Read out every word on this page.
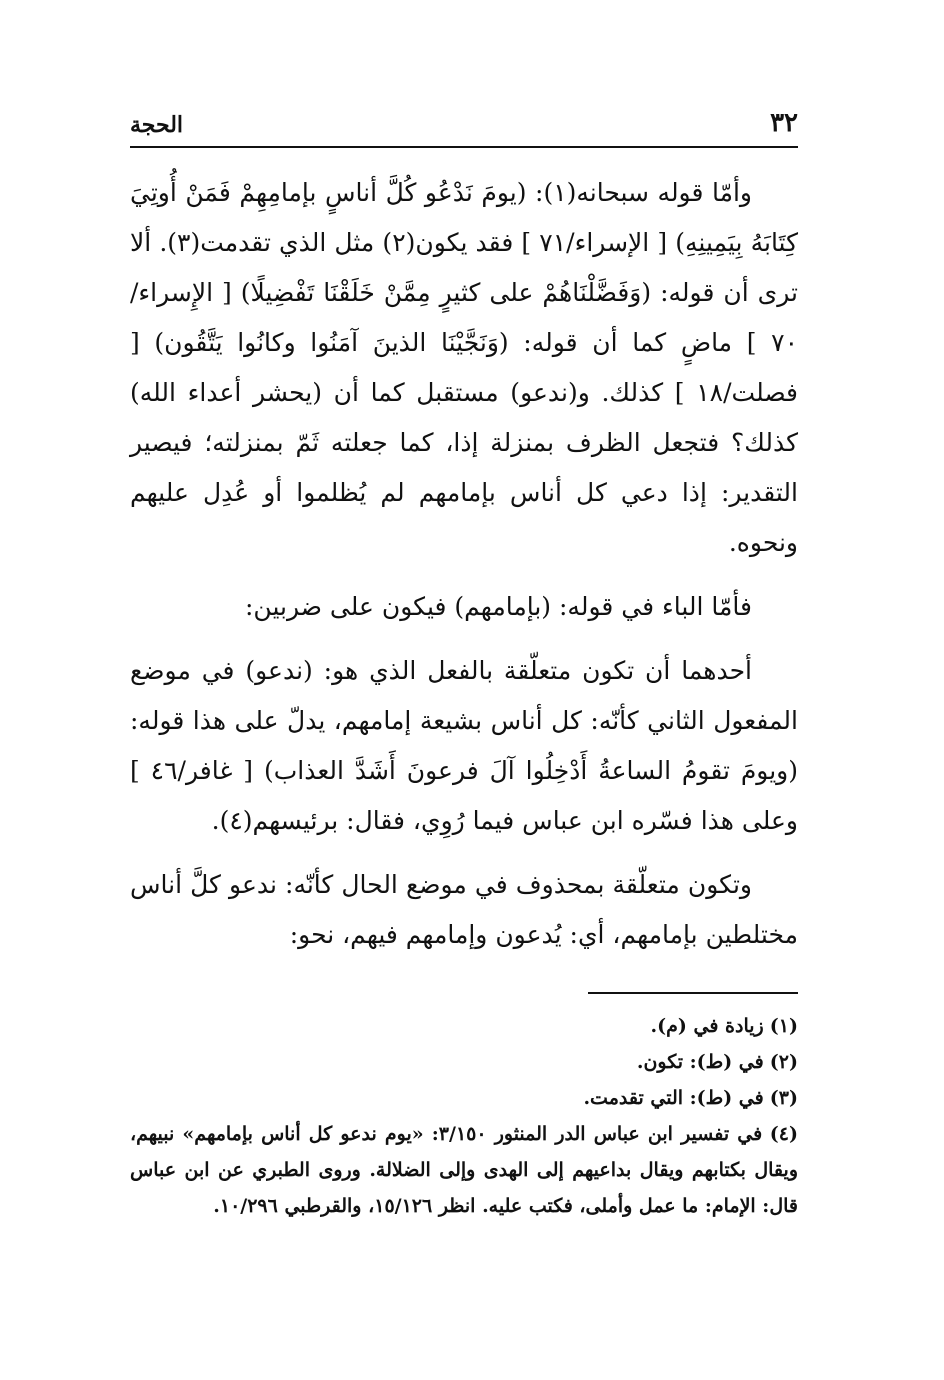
٣٢
الحجة

وأمّا قوله سبحانه(١): (يومَ نَدْعُو كُلَّ أناسٍ بإمامِهِمْ فَمَنْ أُوتِيَ كِتَابَهُ بِيَمِينِهِ) [ الإسراء/٧١ ] فقد يكون(٢) مثل الذي تقدمت(٣). ألا ترى أن قوله: (وَفَضَّلْنَاهُمْ على كثيرٍ مِمَّنْ خَلَقْنَا تَفْضِيلًا) [ الإِسراء/٧٠ ] ماضٍ كما أن قوله: (وَنَجَّيْنَا الذينَ آمَنُوا وكانُوا يَتَّقُون) [ فصلت/١٨ ] كذلك. و(ندعو) مستقبل كما أن (يحشر أعداء الله) كذلك؟ فتجعل الظرف بمنزلة إذا، كما جعلته ثَمّ بمنزلته؛ فيصير التقدير: إذا دعي كل أناس بإمامهم لم يُظلموا أو عُدِل عليهم ونحوه.

فأمّا الباء في قوله: (بإمامهم) فيكون على ضربين:

أحدهما أن تكون متعلّقة بالفعل الذي هو: (ندعو) في موضع المفعول الثاني كأنّه: كل أناس بشيعة إمامهم، يدلّ على هذا قوله: (ويومَ تقومُ الساعةُ أَدْخِلُوا آلَ فرعونَ أَشَدَّ العذاب) [ غافر/٤٦ ] وعلى هذا فسّره ابن عباس فيما رُوِي، فقال: برئيسهم(٤).

وتكون متعلّقة بمحذوف في موضع الحال كأنّه: ندعو كلَّ أناس مختلطين بإمامهم، أي: يُدعون وإمامهم فيهم، نحو:

(١) زيادة في (م).

(٢) في (ط): تكون.

(٣) في (ط): التي تقدمت.

(٤) في تفسير ابن عباس الدر المنثور ٣/١٥٠: «يوم ندعو كل أناس بإمامهم» نبيهم، ويقال بكتابهم ويقال بداعيهم إلى الهدى وإلى الضلالة. وروى الطبري عن ابن عباس قال: الإمام: ما عمل وأملى، فكتب عليه. انظر ١٥/١٢٦، والقرطبي ١٠/٢٩٦.
